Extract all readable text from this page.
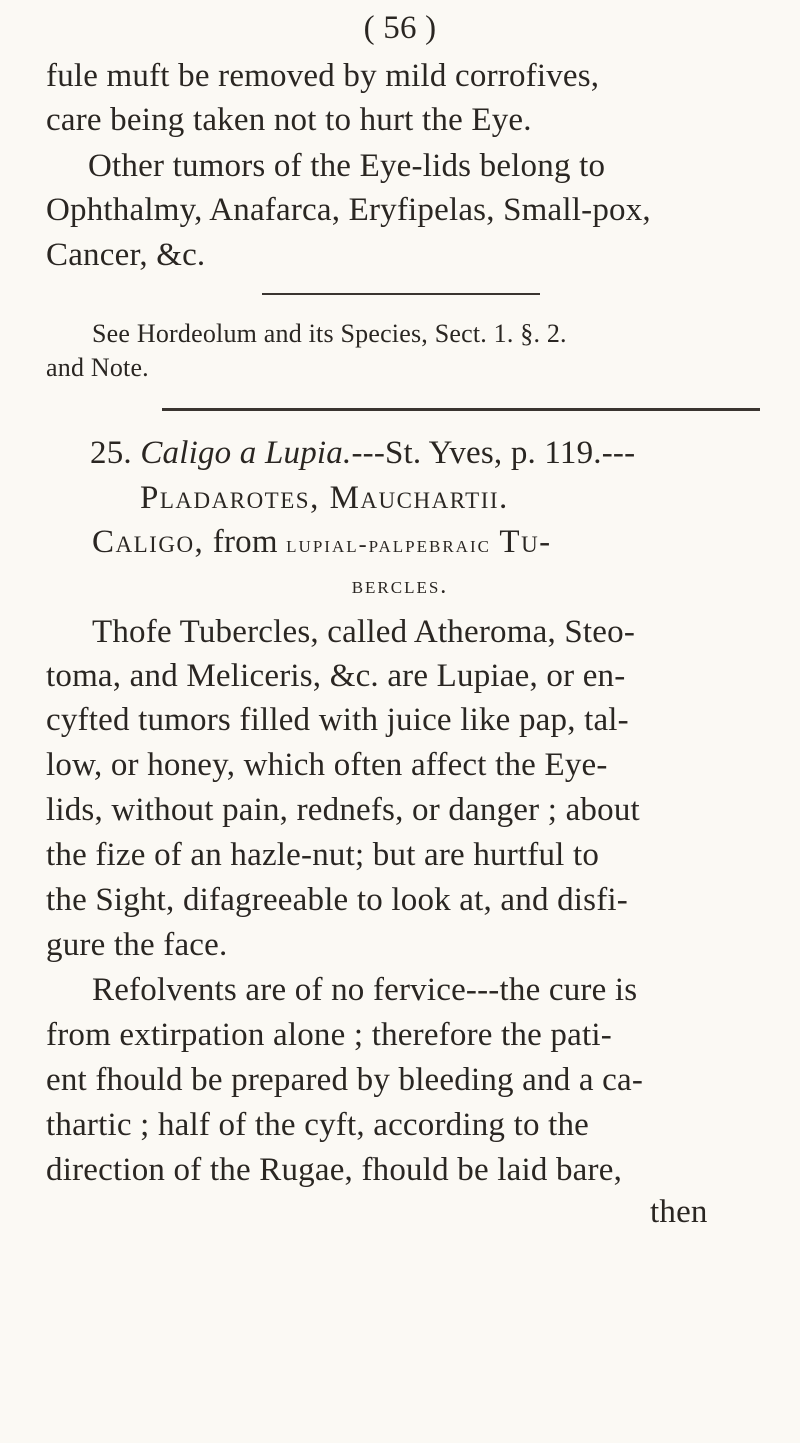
( 56 )
fule muft be removed by mild corrofives,
care being taken not to hurt the Eye.
Other tumors of the Eye-lids belong to
Ophthalmy, Anafarca, Eryfipelas, Small-pox,
Cancer, &c.
See Hordeolum and its Species, Sect. 1. §. 2.
and Note.
25. Caligo a Lupia.---St. Yves, p. 119.---
Pladarotes, Mauchartii.
Caligo, from lupial-palpebraic Tu-
bercles.
Thofe Tubercles, called Atheroma, Steo-
toma, and Meliceris, &c. are Lupiae, or en-
cyfted tumors filled with juice like pap, tal-
low, or honey, which often affect the Eye-
lids, without pain, rednefs, or danger ; about
the fize of an hazle-nut; but are hurtful to
the Sight, difagreeable to look at, and disfi-
gure the face.
Refolvents are of no fervice---the cure is
from extirpation alone ; therefore the pati-
ent fhould be prepared by bleeding and a ca-
thartic ; half of the cyft, according to the
direction of the Rugae, fhould be laid bare,
then
